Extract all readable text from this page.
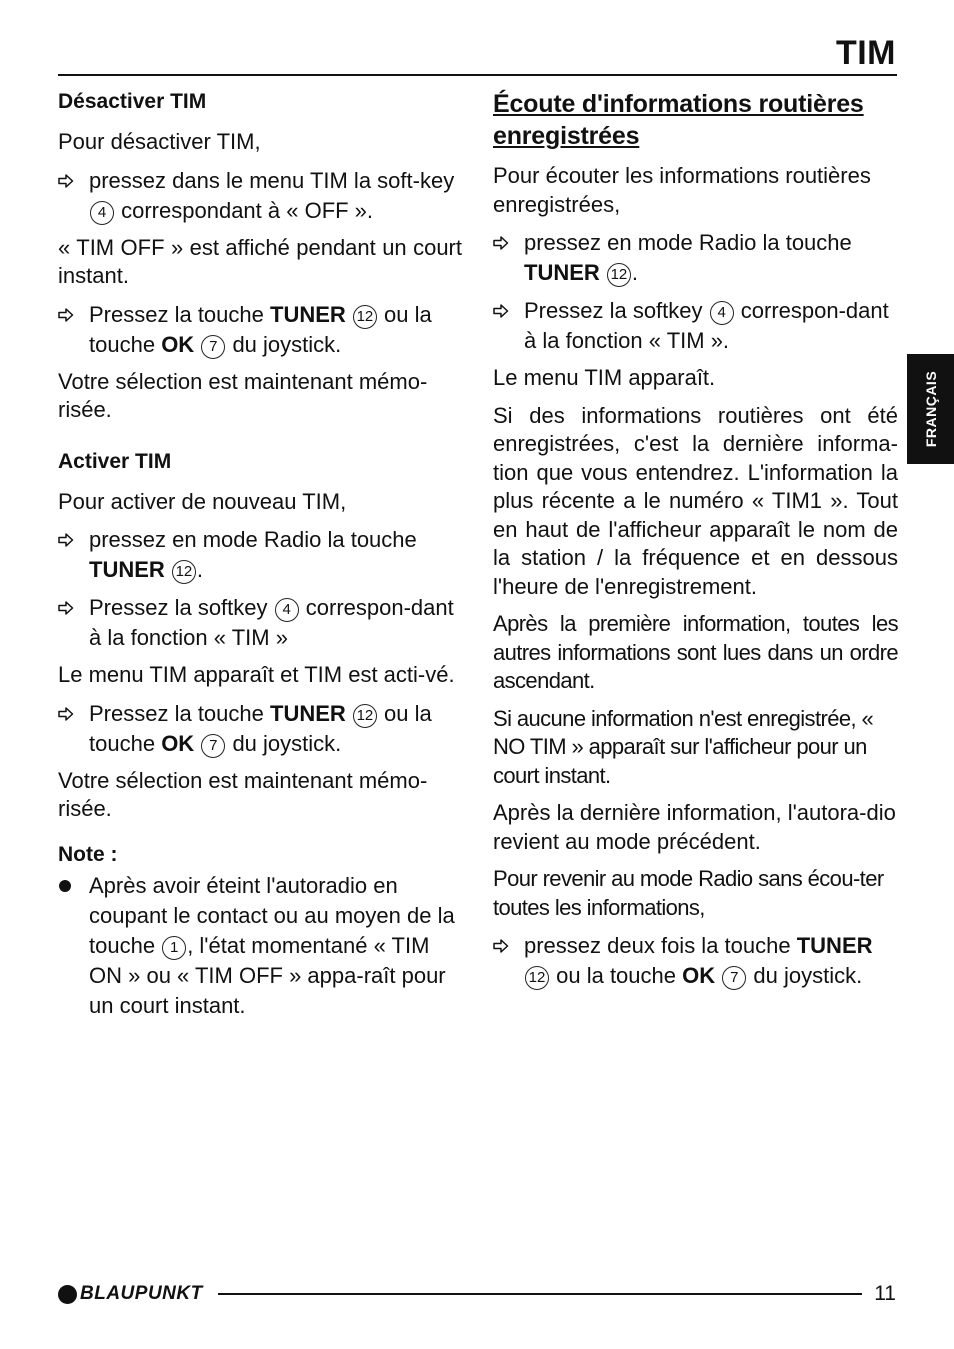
TIM
FRANÇAIS
Désactiver TIM

Pour désactiver TIM,

pressez dans le menu TIM la soft-key 4 correspondant à « OFF ».

« TIM OFF » est affiché pendant un court instant.

Pressez la touche TUNER 12 ou la touche OK 7 du joystick.

Votre sélection est maintenant mémo-risée.

Activer TIM

Pour activer de nouveau TIM,

pressez en mode Radio la touche TUNER 12 .
Pressez la softkey 4 correspon-dant à la fonction « TIM »

Le menu TIM apparaît et TIM est acti-vé.

Pressez la touche TUNER 12 ou la touche OK 7 du joystick.

Votre sélection est maintenant mémo-risée.

Note :
Après avoir éteint l'autoradio en coupant le contact ou au moyen de la touche 1 , l'état momentané « TIM ON » ou « TIM OFF » appa-raît pour un court instant.
Écoute d'informations routières enregistrées

Pour écouter les informations routières enregistrées,

pressez en mode Radio la touche TUNER 12 .
Pressez la softkey 4 correspon-dant à la fonction « TIM ».

Le menu TIM apparaît.

Si des informations routières ont été enregistrées, c'est la dernière informa-tion que vous entendrez. L'information la plus récente a le numéro « TIM1 ». Tout en haut de l'afficheur apparaît le nom de la station / la fréquence et en dessous l'heure de l'enregistrement.

Après la première information, toutes les autres informations sont lues dans un ordre ascendant.

Si aucune information n'est enregistrée, « NO TIM » apparaît sur l'afficheur pour un court instant.

Après la dernière information, l'autora-dio revient au mode précédent.

Pour revenir au mode Radio sans écou-ter toutes les informations,

pressez deux fois la touche TUNER 12 ou la touche OK 7 du joystick.
BLAUPUNKT	11
